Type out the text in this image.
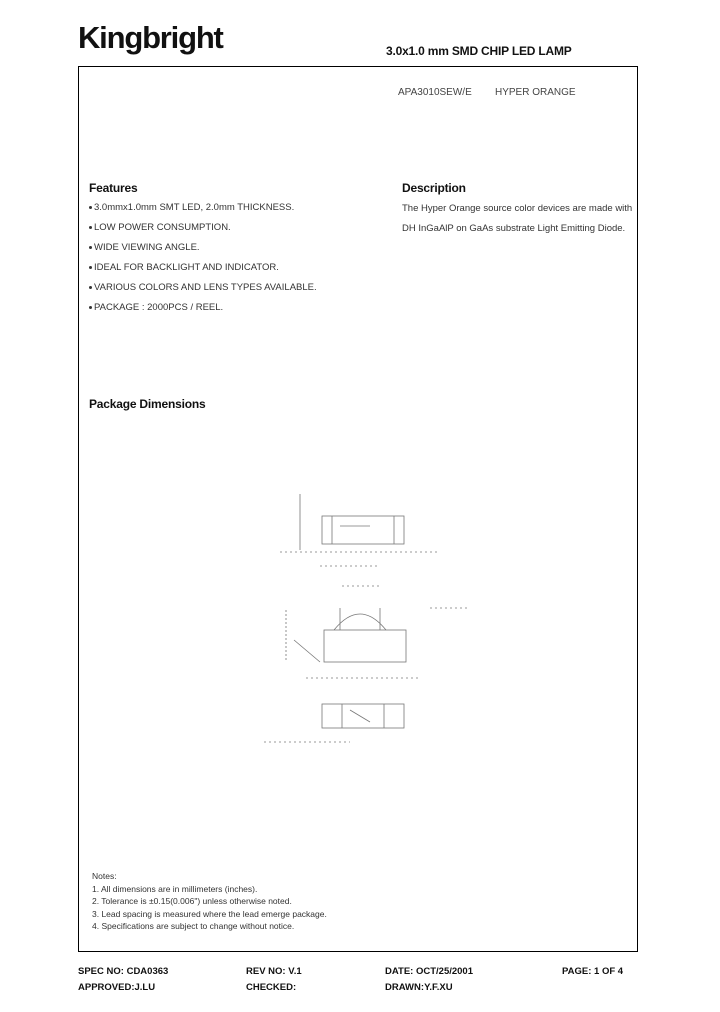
Kingbright	3.0x1.0 mm SMD CHIP LED LAMP
APA3010SEW/E HYPER ORANGE
Features
3.0mmx1.0mm SMT LED, 2.0mm THICKNESS.
LOW POWER CONSUMPTION.
WIDE VIEWING ANGLE.
IDEAL FOR BACKLIGHT AND INDICATOR.
VARIOUS COLORS AND LENS TYPES AVAILABLE.
PACKAGE : 2000PCS / REEL.
Description

The Hyper Orange source color devices are made with

DH InGaAlP on GaAs substrate Light Emitting Diode.

Package Dimensions
Notes:
1. All dimensions are in millimeters (inches).
2. Tolerance is ±0.15(0.006") unless otherwise noted.
3. Lead spacing is measured where the lead emerge package.
4. Specifications are subject to change without notice.
SPEC NO: CDA0363	REV NO: V.1	DATE: OCT/25/2001	PAGE: 1 OF 4
APPROVED:J.LU	CHECKED:	DRAWN:Y.F.XU
